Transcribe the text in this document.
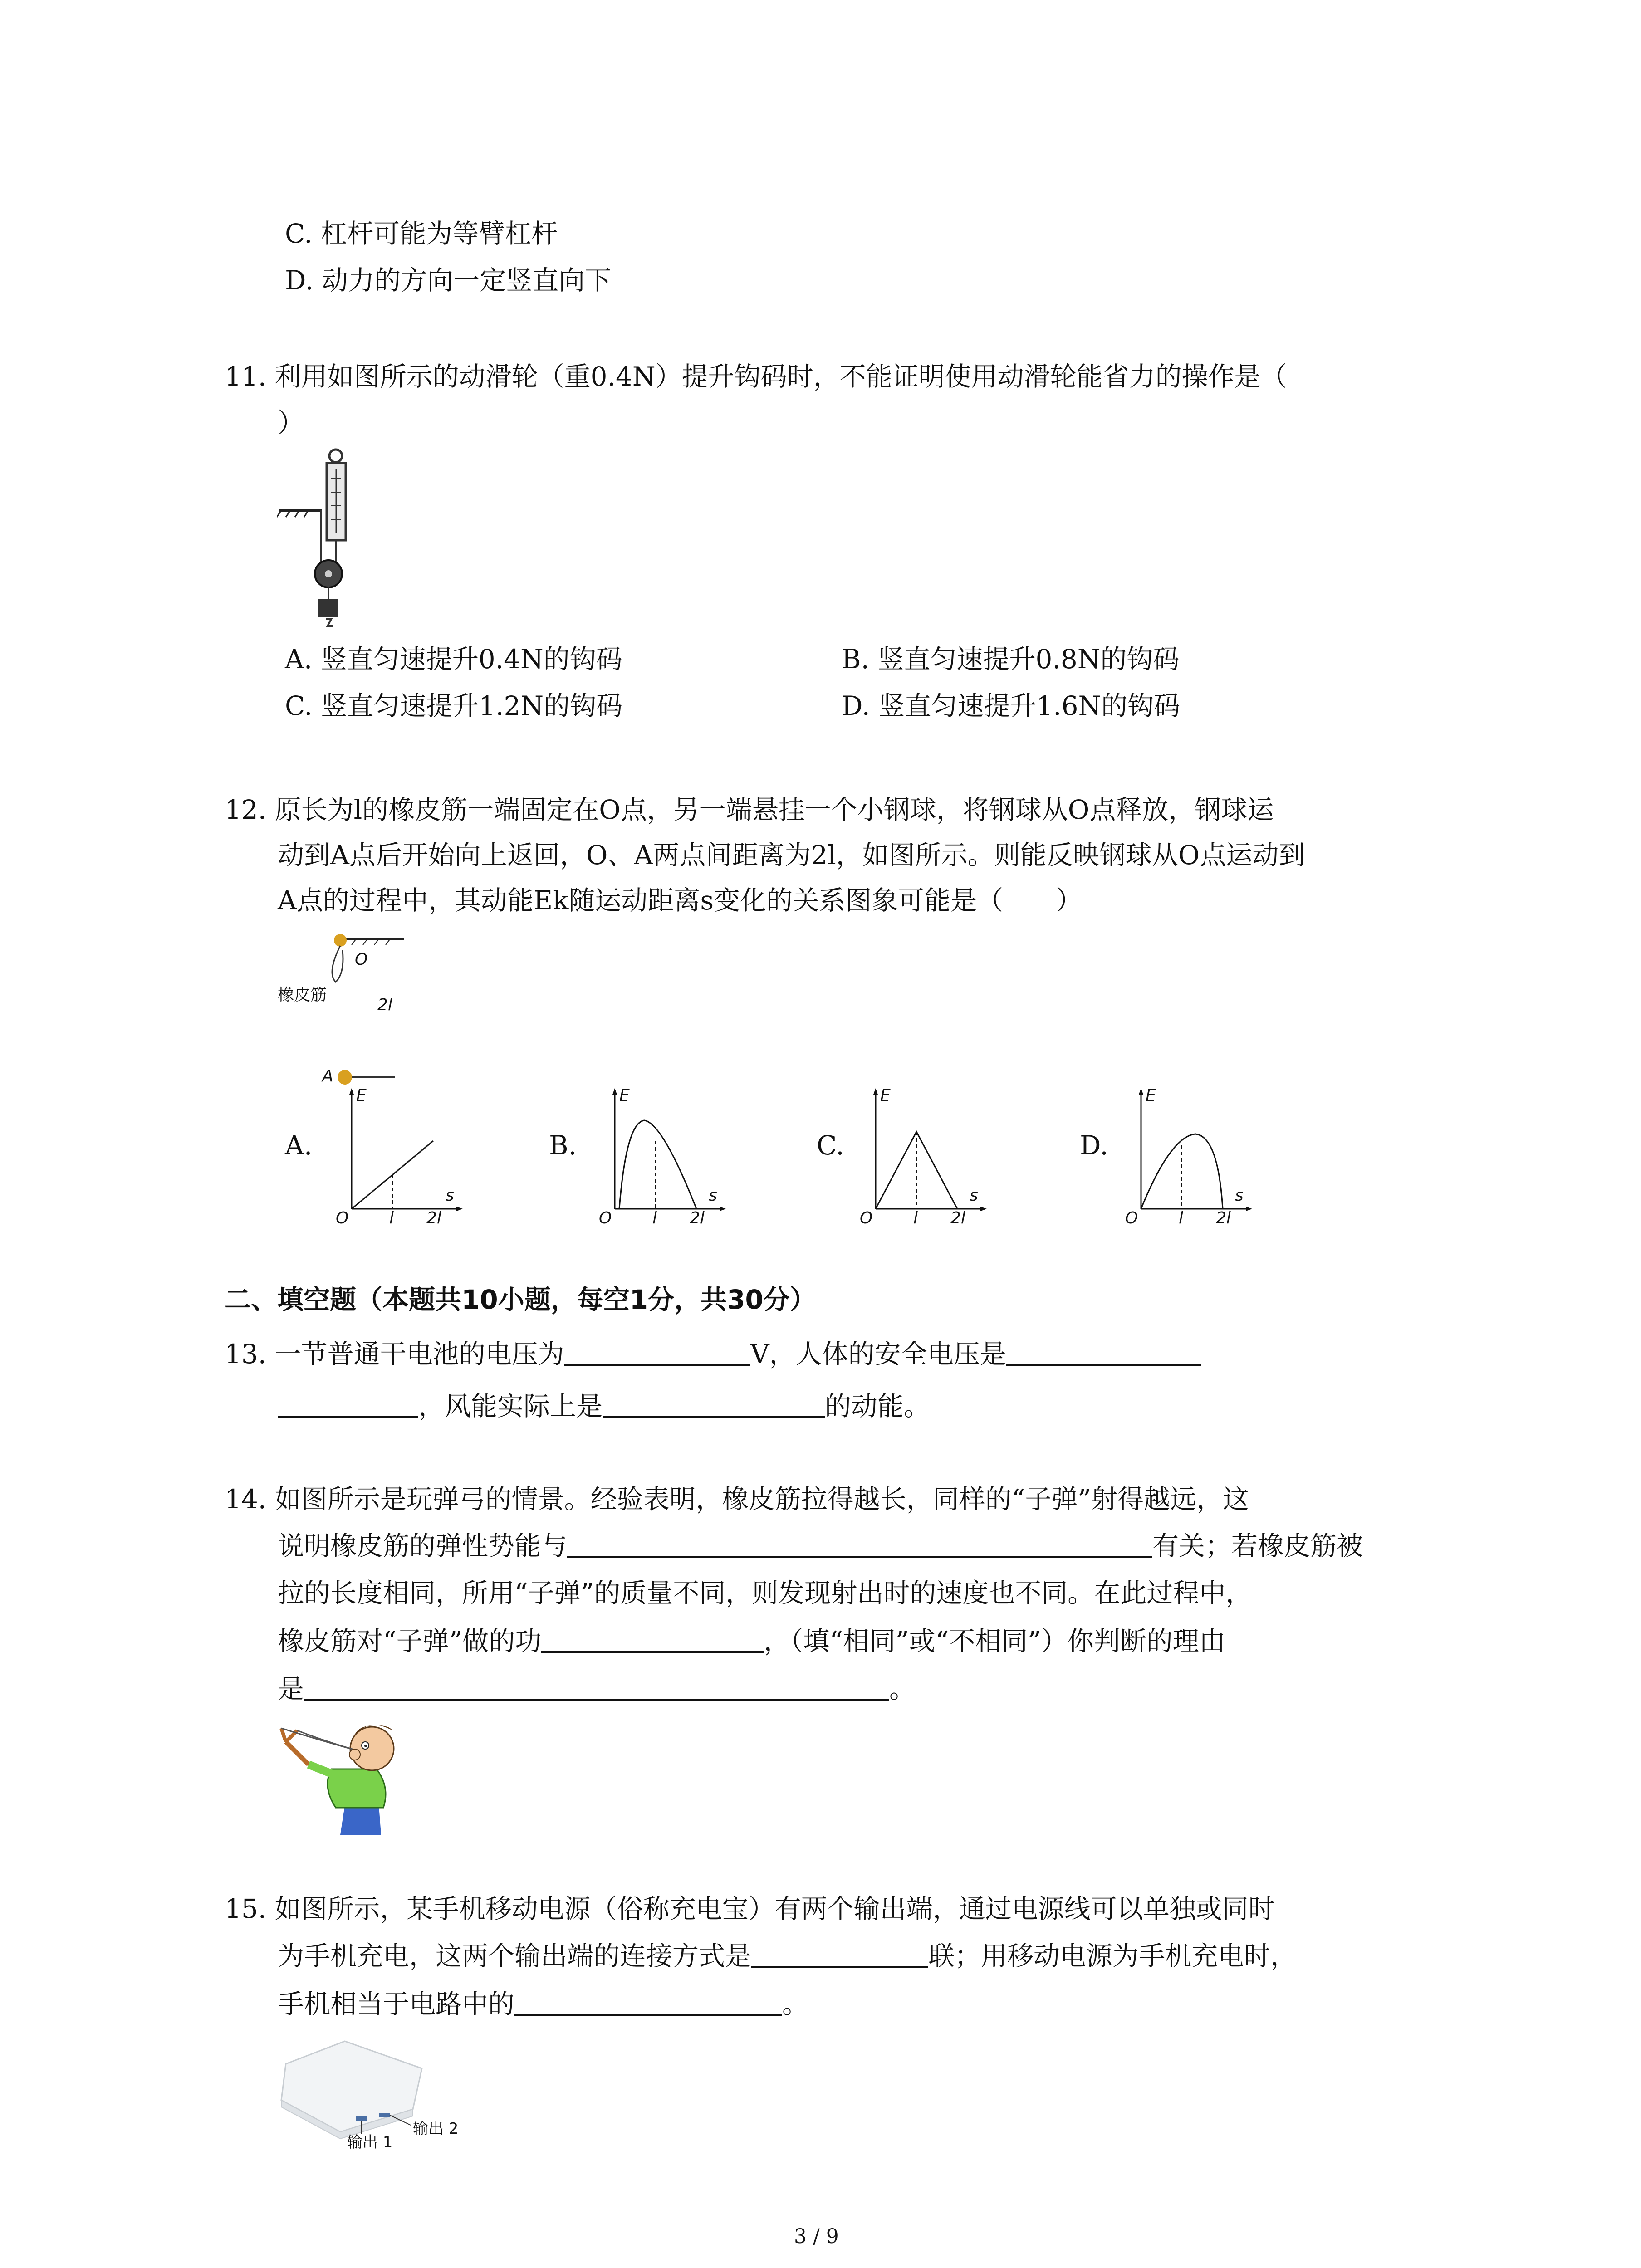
C. 杠杆可能为等臂杠杆
D. 动力的方向一定竖直向下
11. 利用如图所示的动滑轮（重0.4N）提升钩码时，不能证明使用动滑轮能省力的操作是（
）
A. 竖直匀速提升0.4N的钩码	B. 竖直匀速提升0.8N的钩码
C. 竖直匀速提升1.2N的钩码	D. 竖直匀速提升1.6N的钩码
12. 原长为l的橡皮筋一端固定在O点，另一端悬挂一个小钢球，将钢球从O点释放，钢球运
动到A点后开始向上返回，O、A两点间距离为2l，如图所示。则能反映钢球从O点运动到
A点的过程中，其动能Ek随运动距离s变化的关系图象可能是（　　）
橡皮筋
O
2l
A
A.
E
s
O l 2l
B.
E
s
O l 2l
C.
E
s
O l 2l
D.
E
s
O l 2l
二、填空题（本题共10小题，每空1分，共30分）
13. 一节普通干电池的电压为	V，人体的安全电压是
，风能实际上是	的动能。
14. 如图所示是玩弹弓的情景。经验表明，橡皮筋拉得越长，同样的“子弹”射得越远，这
说明橡皮筋的弹性势能与	有关；若橡皮筋被
拉的长度相同，所用“子弹”的质量不同，则发现射出时的速度也不同。在此过程中，
橡皮筋对“子弹”做的功	，（填“相同”或“不相同”）你判断的理由
是	。
15. 如图所示，某手机移动电源（俗称充电宝）有两个输出端，通过电源线可以单独或同时
为手机充电，这两个输出端的连接方式是	联；用移动电源为手机充电时，
手机相当于电路中的	。
输出 1
输出 2
3 / 9
